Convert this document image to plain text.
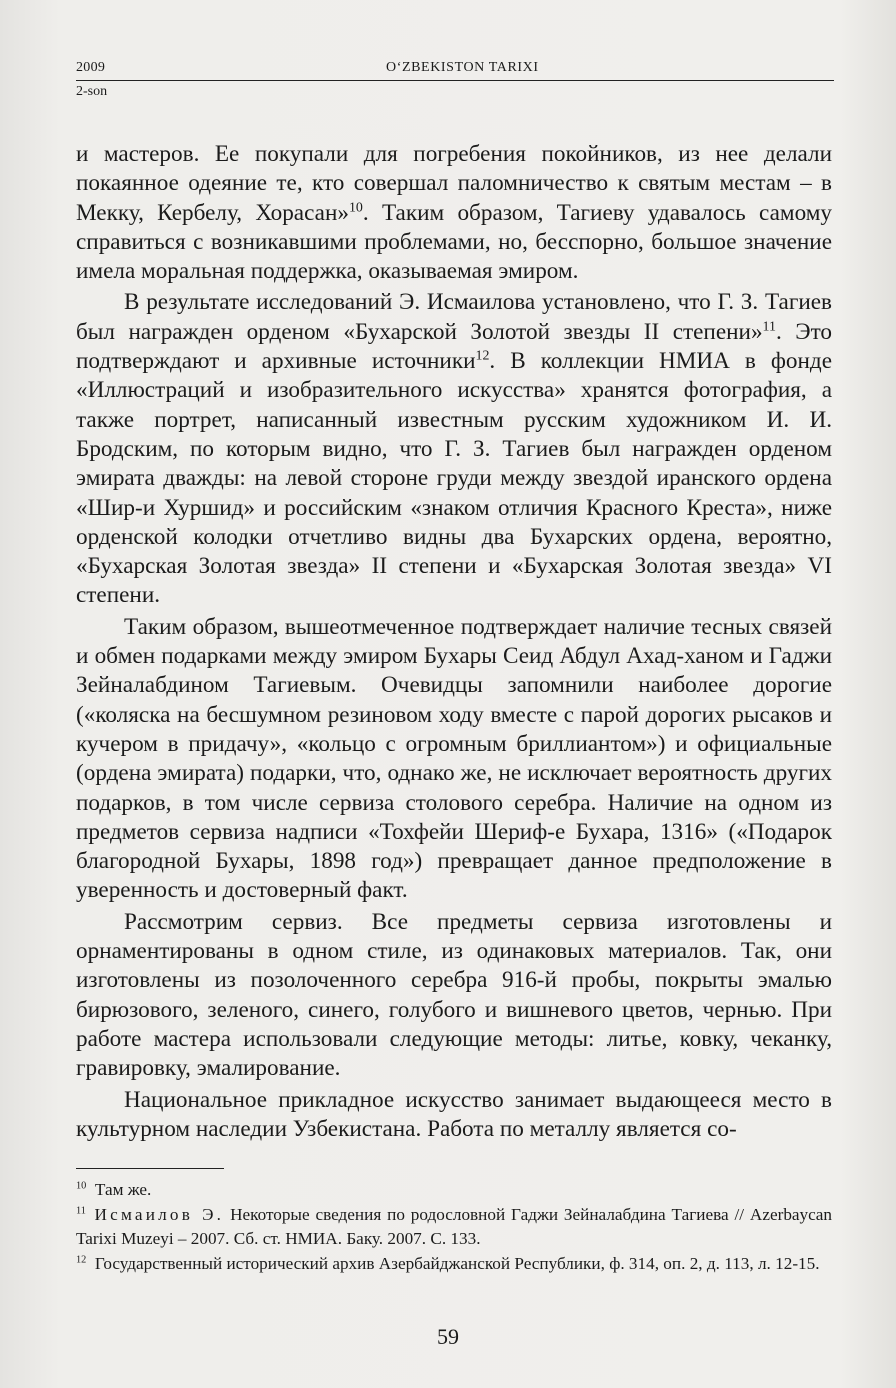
2009	O‘ZBEKISTON TARIXI
2-son

и мастеров. Ее покупали для погребения покойников, из нее делали покаянное одеяние те, кто совершал паломничество к святым местам – в Мекку, Кербелу, Хорасан»$^{10}$. Таким образом, Тагиеву удавалось самому справиться с возникавшими проблемами, но, бесспорно, большое значение имела моральная поддержка, оказываемая эмиром.

В результате исследований Э. Исмаилова установлено, что Г. З. Тагиев был награжден орденом «Бухарской Золотой звезды II степени»$^{11}$. Это подтверждают и архивные источники$^{12}$. В коллекции НМИА в фонде «Иллюстраций и изобразительного искусства» хранятся фотография, а также портрет, написанный известным русским художником И. И. Бродским, по которым видно, что Г. З. Тагиев был награжден орденом эмирата дважды: на левой стороне груди между звездой иранского ордена «Шир-и Хуршид» и российским «знаком отличия Красного Креста», ниже орденской колодки отчетливо видны два Бухарских ордена, вероятно, «Бухарская Золотая звезда» II степени и «Бухарская Золотая звезда» VI степени.

Таким образом, вышеотмеченное подтверждает наличие тесных связей и обмен подарками между эмиром Бухары Сеид Абдул Ахад-ханом и Гаджи Зейналабдином Тагиевым. Очевидцы запомнили наиболее дорогие («коляска на бесшумном резиновом ходу вместе с парой дорогих рысаков и кучером в придачу», «кольцо с огромным бриллиантом») и официальные (ордена эмирата) подарки, что, однако же, не исключает вероятность других подарков, в том числе сервиза столового серебра. Наличие на одном из предметов сервиза надписи «Тохфейи Шериф-е Бухара, 1316» («Подарок благородной Бухары, 1898 год») превращает данное предположение в уверенность и достоверный факт.

Рассмотрим сервиз. Все предметы сервиза изготовлены и орнаментированы в одном стиле, из одинаковых материалов. Так, они изготовлены из позолоченного серебра 916-й пробы, покрыты эмалью бирюзового, зеленого, синего, голубого и вишневого цветов, чернью. При работе мастера использовали следующие методы: литье, ковку, чеканку, гравировку, эмалирование.

Национальное прикладное искусство занимает выдающееся место в культурном наследии Узбекистана. Работа по металлу является со-

$^{10}$  Там же.

$^{11}$  Исмаилов Э. Некоторые сведения по родословной Гаджи Зейналабдина Тагиева // Azerbaycan Tarixi Muzeyi – 2007. Сб. ст. НМИА. Баку. 2007. С. 133.

$^{12}$  Государственный исторический архив Азербайджанской Республики, ф. 314, оп. 2, д. 113, л. 12-15.

59
